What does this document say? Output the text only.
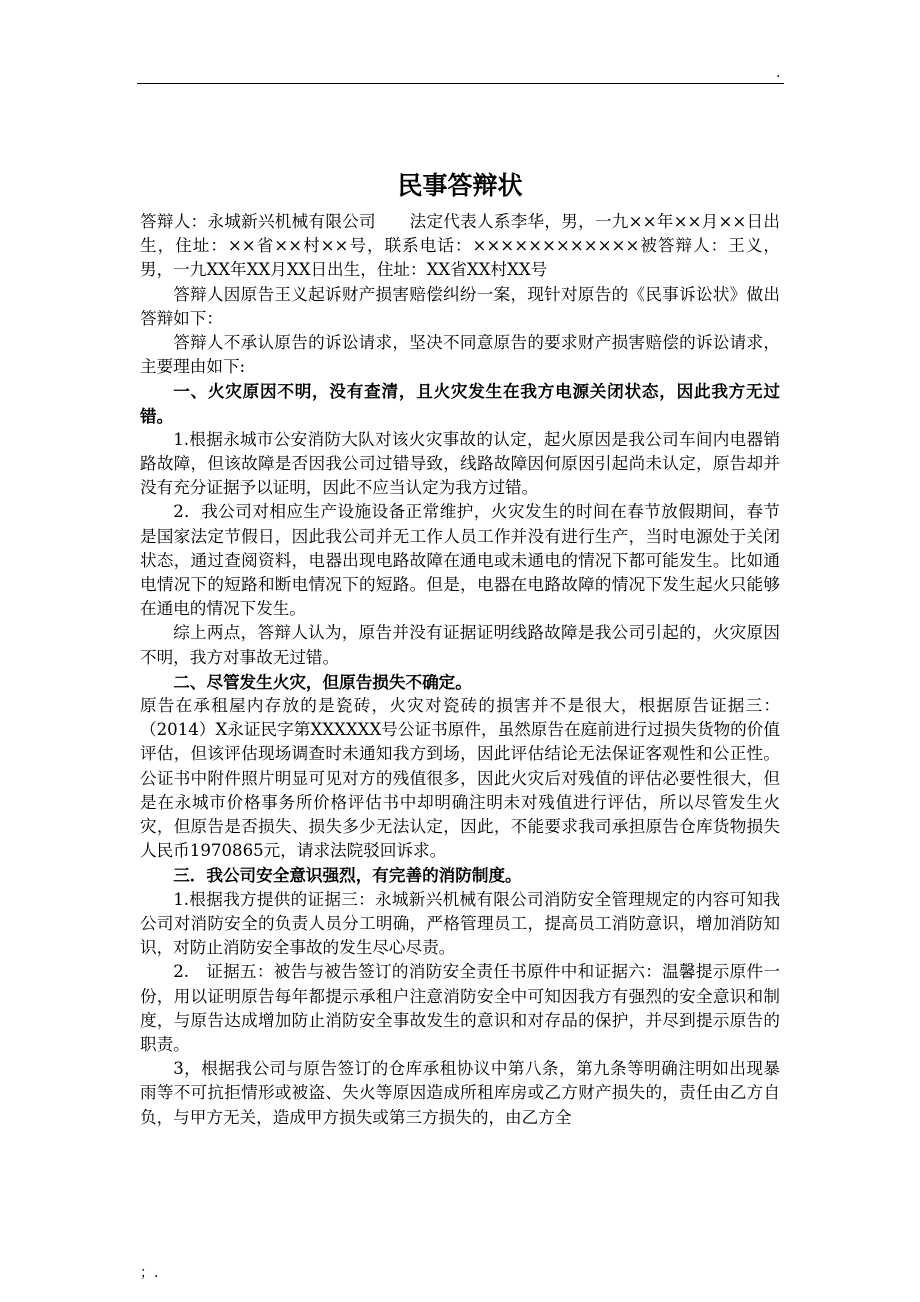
.
民事答辩状

答辩人：永城新兴机械有限公司　　法定代表人系李华，男，一九××年××月××日出生，住址：××省××村××号，联系电话：××××××××××××被答辩人：王义，男，一九XX年XX月XX日出生，住址：XX省XX村XX号

答辩人因原告王义起诉财产损害赔偿纠纷一案，现针对原告的《民事诉讼状》做出答辩如下：

答辩人不承认原告的诉讼请求，坚决不同意原告的要求财产损害赔偿的诉讼请求，主要理由如下:

一、火灾原因不明，没有查清，且火灾发生在我方电源关闭状态，因此我方无过错。

1.根据永城市公安消防大队对该火灾事故的认定，起火原因是我公司车间内电器销路故障，但该故障是否因我公司过错导致，线路故障因何原因引起尚未认定，原告却并没有充分证据予以证明，因此不应当认定为我方过错。

2．我公司对相应生产设施设备正常维护，火灾发生的时间在春节放假期间，春节是国家法定节假日，因此我公司并无工作人员工作并没有进行生产，当时电源处于关闭状态，通过查阅资料，电器出现电路故障在通电或未通电的情况下都可能发生。比如通电情况下的短路和断电情况下的短路。但是，电器在电路故障的情况下发生起火只能够在通电的情况下发生。

综上两点，答辩人认为，原告并没有证据证明线路故障是我公司引起的，火灾原因不明，我方对事故无过错。

二、尽管发生火灾，但原告损失不确定。

原告在承租屋内存放的是瓷砖，火灾对瓷砖的损害并不是很大，根据原告证据三：（2014）X永证民字第XXXXXX号公证书原件，虽然原告在庭前进行过损失货物的价值评估，但该评估现场调查时未通知我方到场，因此评估结论无法保证客观性和公正性。公证书中附件照片明显可见对方的残值很多，因此火灾后对残值的评估必要性很大，但是在永城市价格事务所价格评估书中却明确注明未对残值进行评估，所以尽管发生火灾，但原告是否损失、损失多少无法认定，因此，不能要求我司承担原告仓库货物损失人民币1970865元，请求法院驳回诉求。

三．我公司安全意识强烈，有完善的消防制度。

1.根据我方提供的证据三：永城新兴机械有限公司消防安全管理规定的内容可知我公司对消防安全的负责人员分工明确，严格管理员工，提高员工消防意识，增加消防知识，对防止消防安全事故的发生尽心尽责。

2.　证据五：被告与被告签订的消防安全责任书原件中和证据六：温馨提示原件一份，用以证明原告每年都提示承租户注意消防安全中可知因我方有强烈的安全意识和制度，与原告达成增加防止消防安全事故发生的意识和对存品的保护，并尽到提示原告的职责。

3，根据我公司与原告签订的仓库承租协议中第八条，第九条等明确注明如出现暴雨等不可抗拒情形或被盗、失火等原因造成所租库房或乙方财产损失的，责任由乙方自负，与甲方无关，造成甲方损失或第三方损失的，由乙方全

；.
